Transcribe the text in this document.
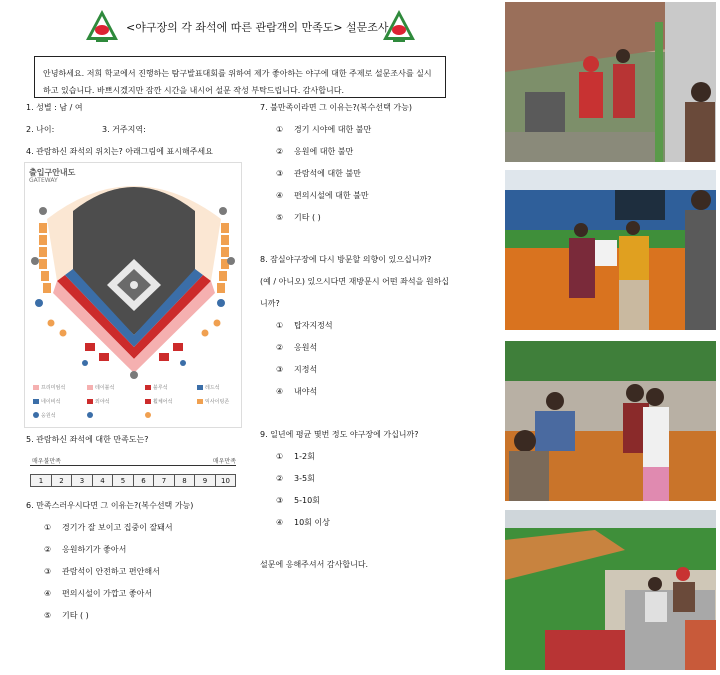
<야구장의 각 좌석에 따른 관람객의 만족도> 설문조사
안녕하세요. 저희 학교에서 진행하는 탐구발표대회를 위하여 제가 좋아하는 야구에 대한 주제로 설문조사를 실시하고 있습니다. 바쁘시겠지만 잠깐 시간을 내시어 설문 작성 부탁드립니다. 감사합니다.
1. 성별 : 남 / 여
2. 나이:	3. 거주지역:
4. 관람하신 좌석의 위치는? 아래그림에 표시해주세요
출입구안내도
GATEWAY
프리미엄석	테이블석	블루석	레드석
네이비석	외야석	휠체어석	익사이팅존
응원석
5. 관람하신 좌석에 대한 만족도는?
매우불만족	매우만족
1	2	3	4	5	6	7	8	9	10
6. 만족스러우시다면 그 이유는?(복수선택 가능)
① 경기가 잘 보이고 집중이 잘돼서
② 응원하기가 좋아서
③ 관람석이 안전하고 편안해서
④ 편의시설이 가깝고 좋아서
⑤ 기타 ( )
7. 불만족이라면 그 이유는?(복수선택 가능)
① 경기 시야에 대한 불만
② 응원에 대한 불만
③ 관람석에 대한 불만
④ 편의시설에 대한 불만
⑤ 기타 ( )
8. 잠실야구장에 다시 방문할 의향이 있으십니까?
(예 / 아니오) 있으시다면 재방문시 어떤 좌석을 원하십
니까?
① 탑자지정석
② 응원석
③ 지정석
④ 내야석
9. 일년에 평균 몇번 정도 야구장에 가십니까?
① 1-2회
② 3-5회
③ 5-10회
④ 10회 이상
설문에 응해주셔서 감사합니다.
